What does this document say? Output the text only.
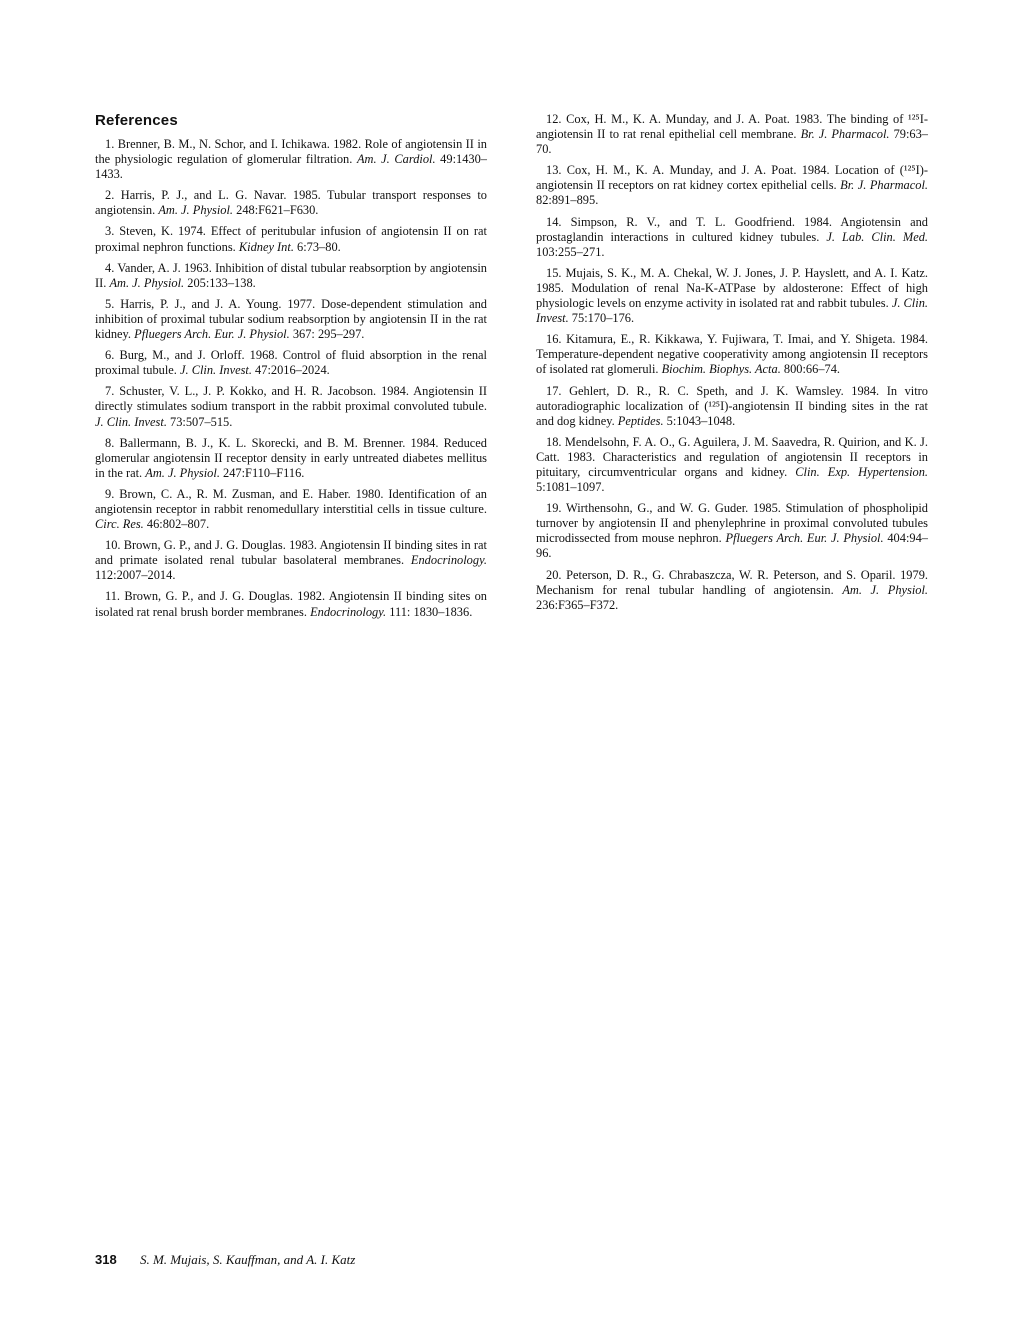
References

1. Brenner, B. M., N. Schor, and I. Ichikawa. 1982. Role of angiotensin II in the physiologic regulation of glomerular filtration. Am. J. Cardiol. 49:1430–1433.

2. Harris, P. J., and L. G. Navar. 1985. Tubular transport responses to angiotensin. Am. J. Physiol. 248:F621–F630.

3. Steven, K. 1974. Effect of peritubular infusion of angiotensin II on rat proximal nephron functions. Kidney Int. 6:73–80.

4. Vander, A. J. 1963. Inhibition of distal tubular reabsorption by angiotensin II. Am. J. Physiol. 205:133–138.

5. Harris, P. J., and J. A. Young. 1977. Dose-dependent stimulation and inhibition of proximal tubular sodium reabsorption by angiotensin II in the rat kidney. Pfluegers Arch. Eur. J. Physiol. 367: 295–297.

6. Burg, M., and J. Orloff. 1968. Control of fluid absorption in the renal proximal tubule. J. Clin. Invest. 47:2016–2024.

7. Schuster, V. L., J. P. Kokko, and H. R. Jacobson. 1984. Angiotensin II directly stimulates sodium transport in the rabbit proximal convoluted tubule. J. Clin. Invest. 73:507–515.

8. Ballermann, B. J., K. L. Skorecki, and B. M. Brenner. 1984. Reduced glomerular angiotensin II receptor density in early untreated diabetes mellitus in the rat. Am. J. Physiol. 247:F110–F116.

9. Brown, C. A., R. M. Zusman, and E. Haber. 1980. Identification of an angiotensin receptor in rabbit renomedullary interstitial cells in tissue culture. Circ. Res. 46:802–807.

10. Brown, G. P., and J. G. Douglas. 1983. Angiotensin II binding sites in rat and primate isolated renal tubular basolateral membranes. Endocrinology. 112:2007–2014.

11. Brown, G. P., and J. G. Douglas. 1982. Angiotensin II binding sites on isolated rat renal brush border membranes. Endocrinology. 111: 1830–1836.

12. Cox, H. M., K. A. Munday, and J. A. Poat. 1983. The binding of ¹²⁵I-angiotensin II to rat renal epithelial cell membrane. Br. J. Pharmacol. 79:63–70.

13. Cox, H. M., K. A. Munday, and J. A. Poat. 1984. Location of (¹²⁵I)-angiotensin II receptors on rat kidney cortex epithelial cells. Br. J. Pharmacol. 82:891–895.

14. Simpson, R. V., and T. L. Goodfriend. 1984. Angiotensin and prostaglandin interactions in cultured kidney tubules. J. Lab. Clin. Med. 103:255–271.

15. Mujais, S. K., M. A. Chekal, W. J. Jones, J. P. Hayslett, and A. I. Katz. 1985. Modulation of renal Na-K-ATPase by aldosterone: Effect of high physiologic levels on enzyme activity in isolated rat and rabbit tubules. J. Clin. Invest. 75:170–176.

16. Kitamura, E., R. Kikkawa, Y. Fujiwara, T. Imai, and Y. Shigeta. 1984. Temperature-dependent negative cooperativity among angiotensin II receptors of isolated rat glomeruli. Biochim. Biophys. Acta. 800:66–74.

17. Gehlert, D. R., R. C. Speth, and J. K. Wamsley. 1984. In vitro autoradiographic localization of (¹²⁵I)-angiotensin II binding sites in the rat and dog kidney. Peptides. 5:1043–1048.

18. Mendelsohn, F. A. O., G. Aguilera, J. M. Saavedra, R. Quirion, and K. J. Catt. 1983. Characteristics and regulation of angiotensin II receptors in pituitary, circumventricular organs and kidney. Clin. Exp. Hypertension. 5:1081–1097.

19. Wirthensohn, G., and W. G. Guder. 1985. Stimulation of phospholipid turnover by angiotensin II and phenylephrine in proximal convoluted tubules microdissected from mouse nephron. Pfluegers Arch. Eur. J. Physiol. 404:94–96.

20. Peterson, D. R., G. Chrabaszcza, W. R. Peterson, and S. Oparil. 1979. Mechanism for renal tubular handling of angiotensin. Am. J. Physiol. 236:F365–F372.

318 S. M. Mujais, S. Kauffman, and A. I. Katz
